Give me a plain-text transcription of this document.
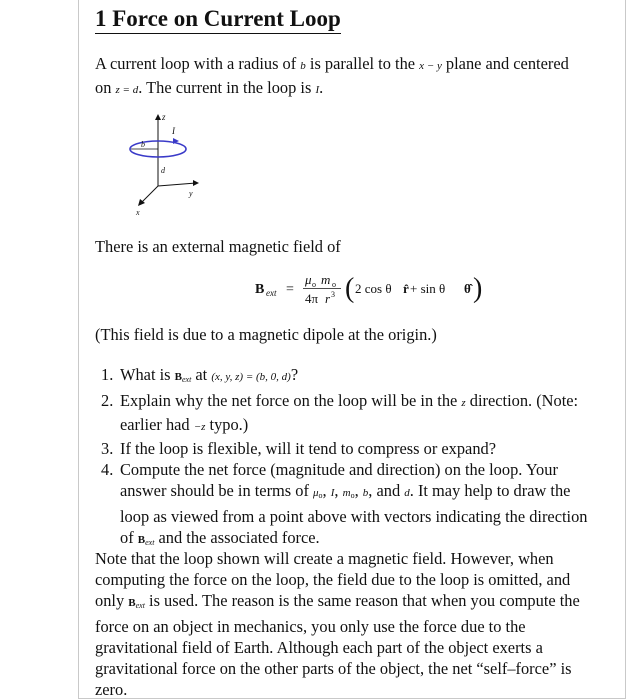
1 Force on Current Loop
A current loop with a radius of b is parallel to the x − y plane and centered
on z = d. The current in the loop is I.
z
I
b
d
y
x
There is an external magnetic field of
B ext =
μ o m o
4π r 3 ( 2 cos θ r̂ + sin θ θ̂ )
(This field is due to a magnetic dipole at the origin.)
1. What is $B_{ext}$ at (x, y, z) = (b, 0, d)?
2. Explain why the net force on the loop will be in the z direction. (Note:
earlier had −z typo.)
3. If the loop is flexible, will it tend to compress or expand?
4. Compute the net force (magnitude and direction) on the loop. Your
answer should be in terms of $\mu_o$, I, $m_o$, b, and d. It may help to draw the
loop as viewed from a point above with vectors indicating the direction
of $B_{ext}$ and the associated force.
Note that the loop shown will create a magnetic field. However, when
computing the force on the loop, the field due to the loop is omitted, and
only $B_{ext}$ is used. The reason is the same reason that when you compute the
force on an object in mechanics, you only use the force due to the
gravitational field of Earth. Although each part of the object exerts a
gravitational force on the other parts of the object, the net “self–force” is
zero.
